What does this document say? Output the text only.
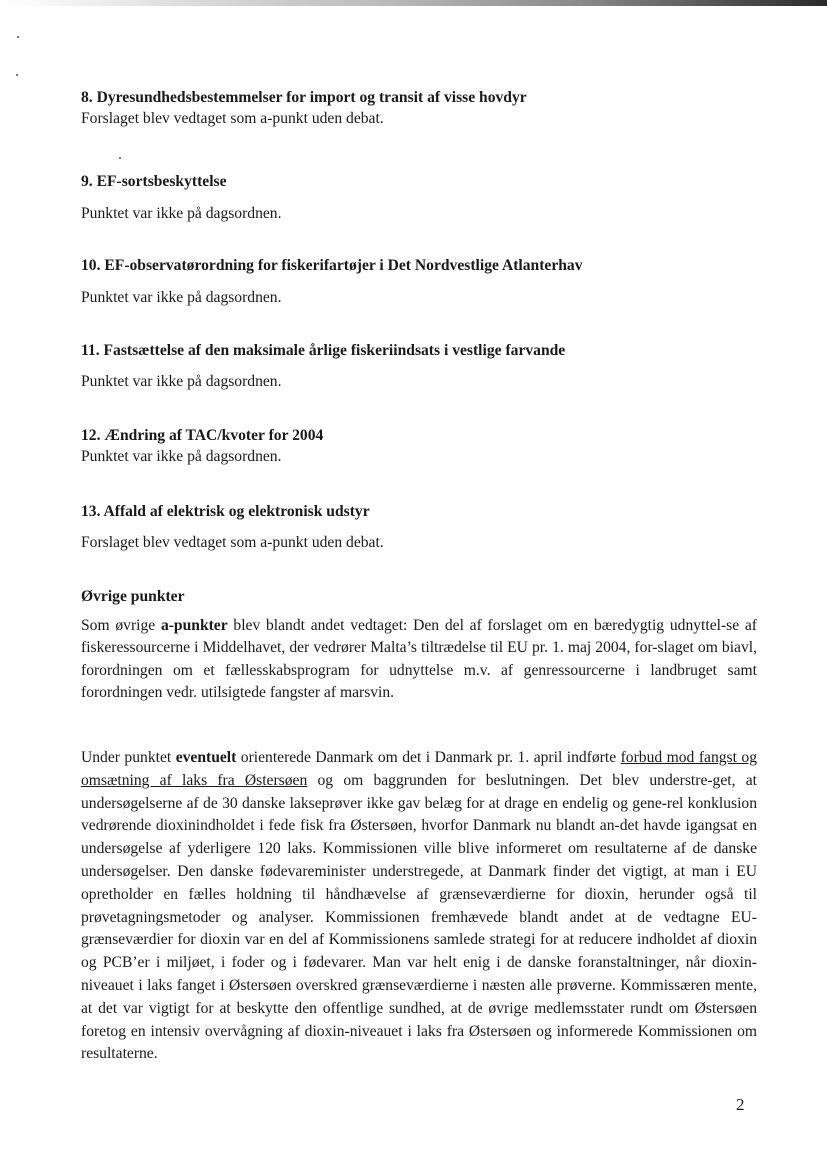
8. Dyresundhedsbestemmelser for import og transit af visse hovdyr

Forslaget blev vedtaget som a-punkt uden debat.

9. EF-sortsbeskyttelse

Punktet var ikke på dagsordnen.

10. EF-observatørordning for fiskerifartøjer i Det Nordvestlige Atlanterhav

Punktet var ikke på dagsordnen.

11. Fastsættelse af den maksimale årlige fiskeriindsats i vestlige farvande

Punktet var ikke på dagsordnen.

12. Ændring af TAC/kvoter for 2004

Punktet var ikke på dagsordnen.

13. Affald af elektrisk og elektronisk udstyr

Forslaget blev vedtaget som a-punkt uden debat.

Øvrige punkter

Som øvrige a-punkter blev blandt andet vedtaget: Den del af forslaget om en bæredygtig udnyttel-se af fiskeressourcerne i Middelhavet, der vedrører Malta’s tiltrædelse til EU pr. 1. maj 2004, for-slaget om biavl, forordningen om et fællesskabsprogram for udnyttelse m.v. af genressourcerne i landbruget samt forordningen vedr. utilsigtede fangster af marsvin.

Under punktet eventuelt orienterede Danmark om det i Danmark pr. 1. april indførte forbud mod fangst og omsætning af laks fra Østersøen og om baggrunden for beslutningen. Det blev understre-get, at undersøgelserne af de 30 danske lakseprøver ikke gav belæg for at drage en endelig og gene-rel konklusion vedrørende dioxinindholdet i fede fisk fra Østersøen, hvorfor Danmark nu blandt an-det havde igangsat en undersøgelse af yderligere 120 laks. Kommissionen ville blive informeret om resultaterne af de danske undersøgelser. Den danske fødevareminister understregede, at Danmark finder det vigtigt, at man i EU opretholder en fælles holdning til håndhævelse af grænseværdierne for dioxin, herunder også til prøvetagningsmetoder og analyser. Kommissionen fremhævede blandt andet at de vedtagne EU-grænseværdier for dioxin var en del af Kommissionens samlede strategi for at reducere indholdet af dioxin og PCB’er i miljøet, i foder og i fødevarer. Man var helt enig i de danske foranstaltninger, når dioxin-niveauet i laks fanget i Østersøen overskred grænseværdierne i næsten alle prøverne. Kommissæren mente, at det var vigtigt for at beskytte den offentlige sundhed, at de øvrige medlemsstater rundt om Østersøen foretog en intensiv overvågning af dioxin-niveauet i laks fra Østersøen og informerede Kommissionen om resultaterne.

2
